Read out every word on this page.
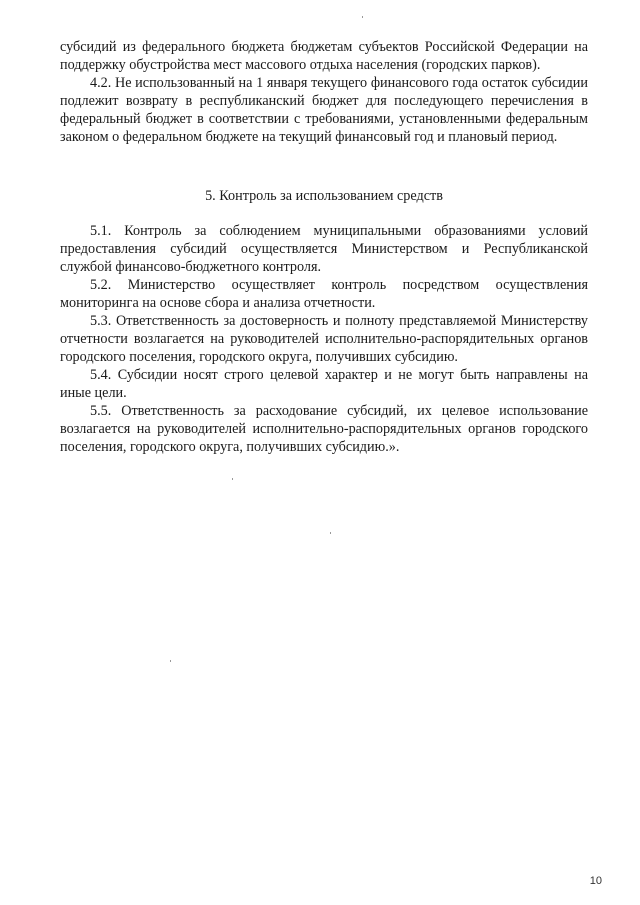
субсидий из федерального бюджета бюджетам субъектов Российской Федерации на поддержку обустройства мест массового отдыха населения (городских парков).

4.2. Не использованный на 1 января текущего финансового года остаток субсидии подлежит возврату в республиканский бюджет для последующего перечисления в федеральный бюджет в соответствии с требованиями, установленными федеральным законом о федеральном бюджете на текущий финансовый год и плановый период.

5. Контроль за использованием средств

5.1. Контроль за соблюдением муниципальными образованиями условий предоставления субсидий осуществляется Министерством и Республиканской службой финансово-бюджетного контроля.

5.2. Министерство осуществляет контроль посредством осуществления мониторинга на основе сбора и анализа отчетности.

5.3. Ответственность за достоверность и полноту представляемой Министерству отчетности возлагается на руководителей исполнительно-распорядительных органов городского поселения, городского округа, получивших субсидию.

5.4. Субсидии носят строго целевой характер и не могут быть направлены на иные цели.

5.5. Ответственность за расходование субсидий, их целевое использование возлагается на руководителей исполнительно-распорядительных органов городского поселения, городского округа, получивших субсидию.».

10
